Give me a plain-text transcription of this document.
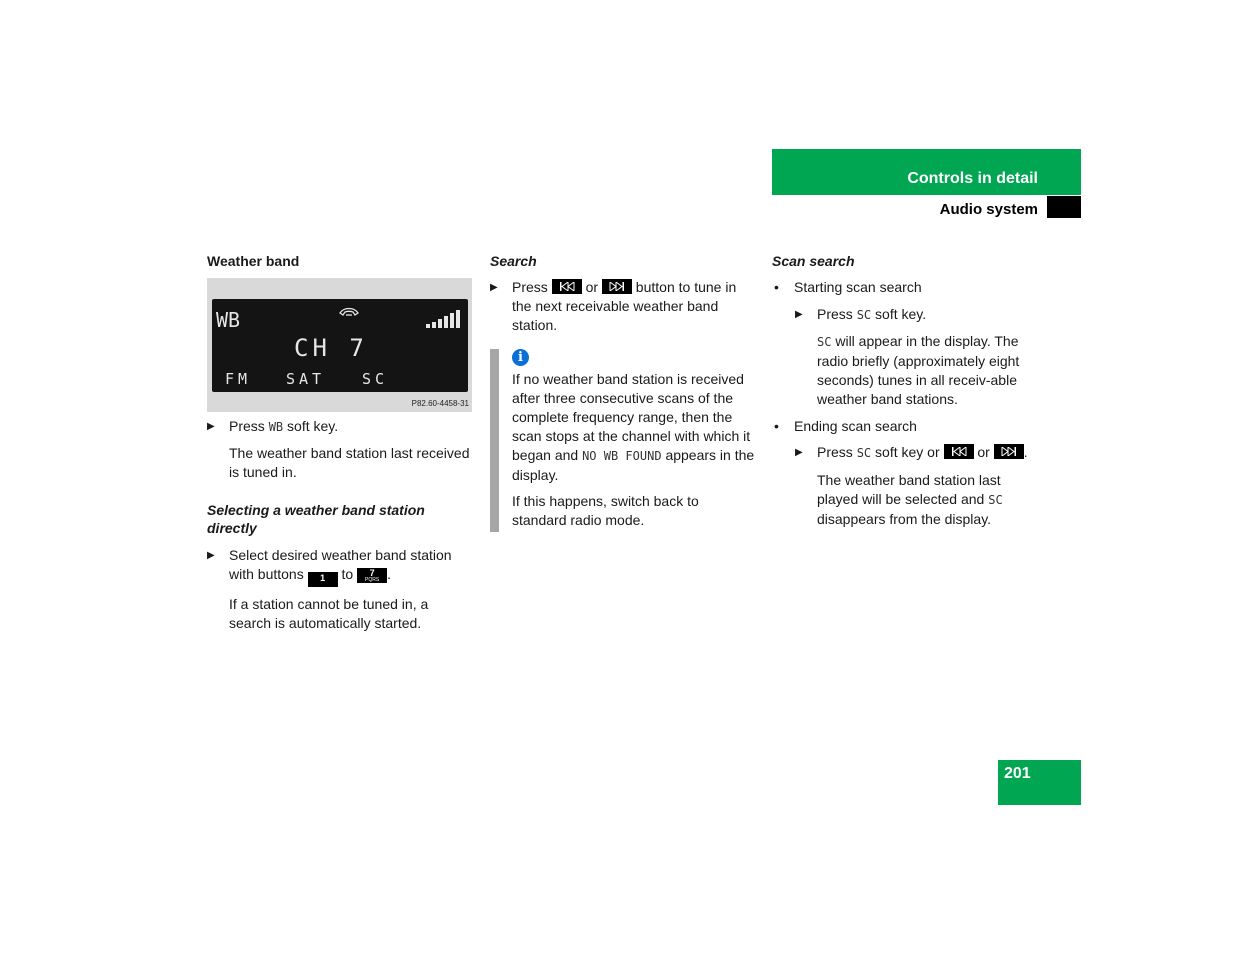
Controls in detail
Audio system
Weather band
WB
CH 7
FM SAT SC
P82.60-4458-31
▶ Press WB soft key.

The weather band station last received is tuned in.

Selecting a weather band station directly
▶ Select desired weather band station with buttons	1 to	7
PQRS .

If a station cannot be tuned in, a search is automatically started.

Search
▶ Press
or
button to tune in the next receivable weather band station.
i

If no weather band station is received after three consecutive scans of the complete frequency range, then the scan stops at the channel with which it began and NO WB FOUND appears in the display.

If this happens, switch back to standard radio mode.

Scan search
• Starting scan search
▶ Press SC soft key.

SC will appear in the display. The radio briefly (approximately eight seconds) tunes in all receiv-able weather band stations.

• Ending scan search
▶ Press SC soft key or
or
.

The weather band station last played will be selected and SC disappears from the display.

201
